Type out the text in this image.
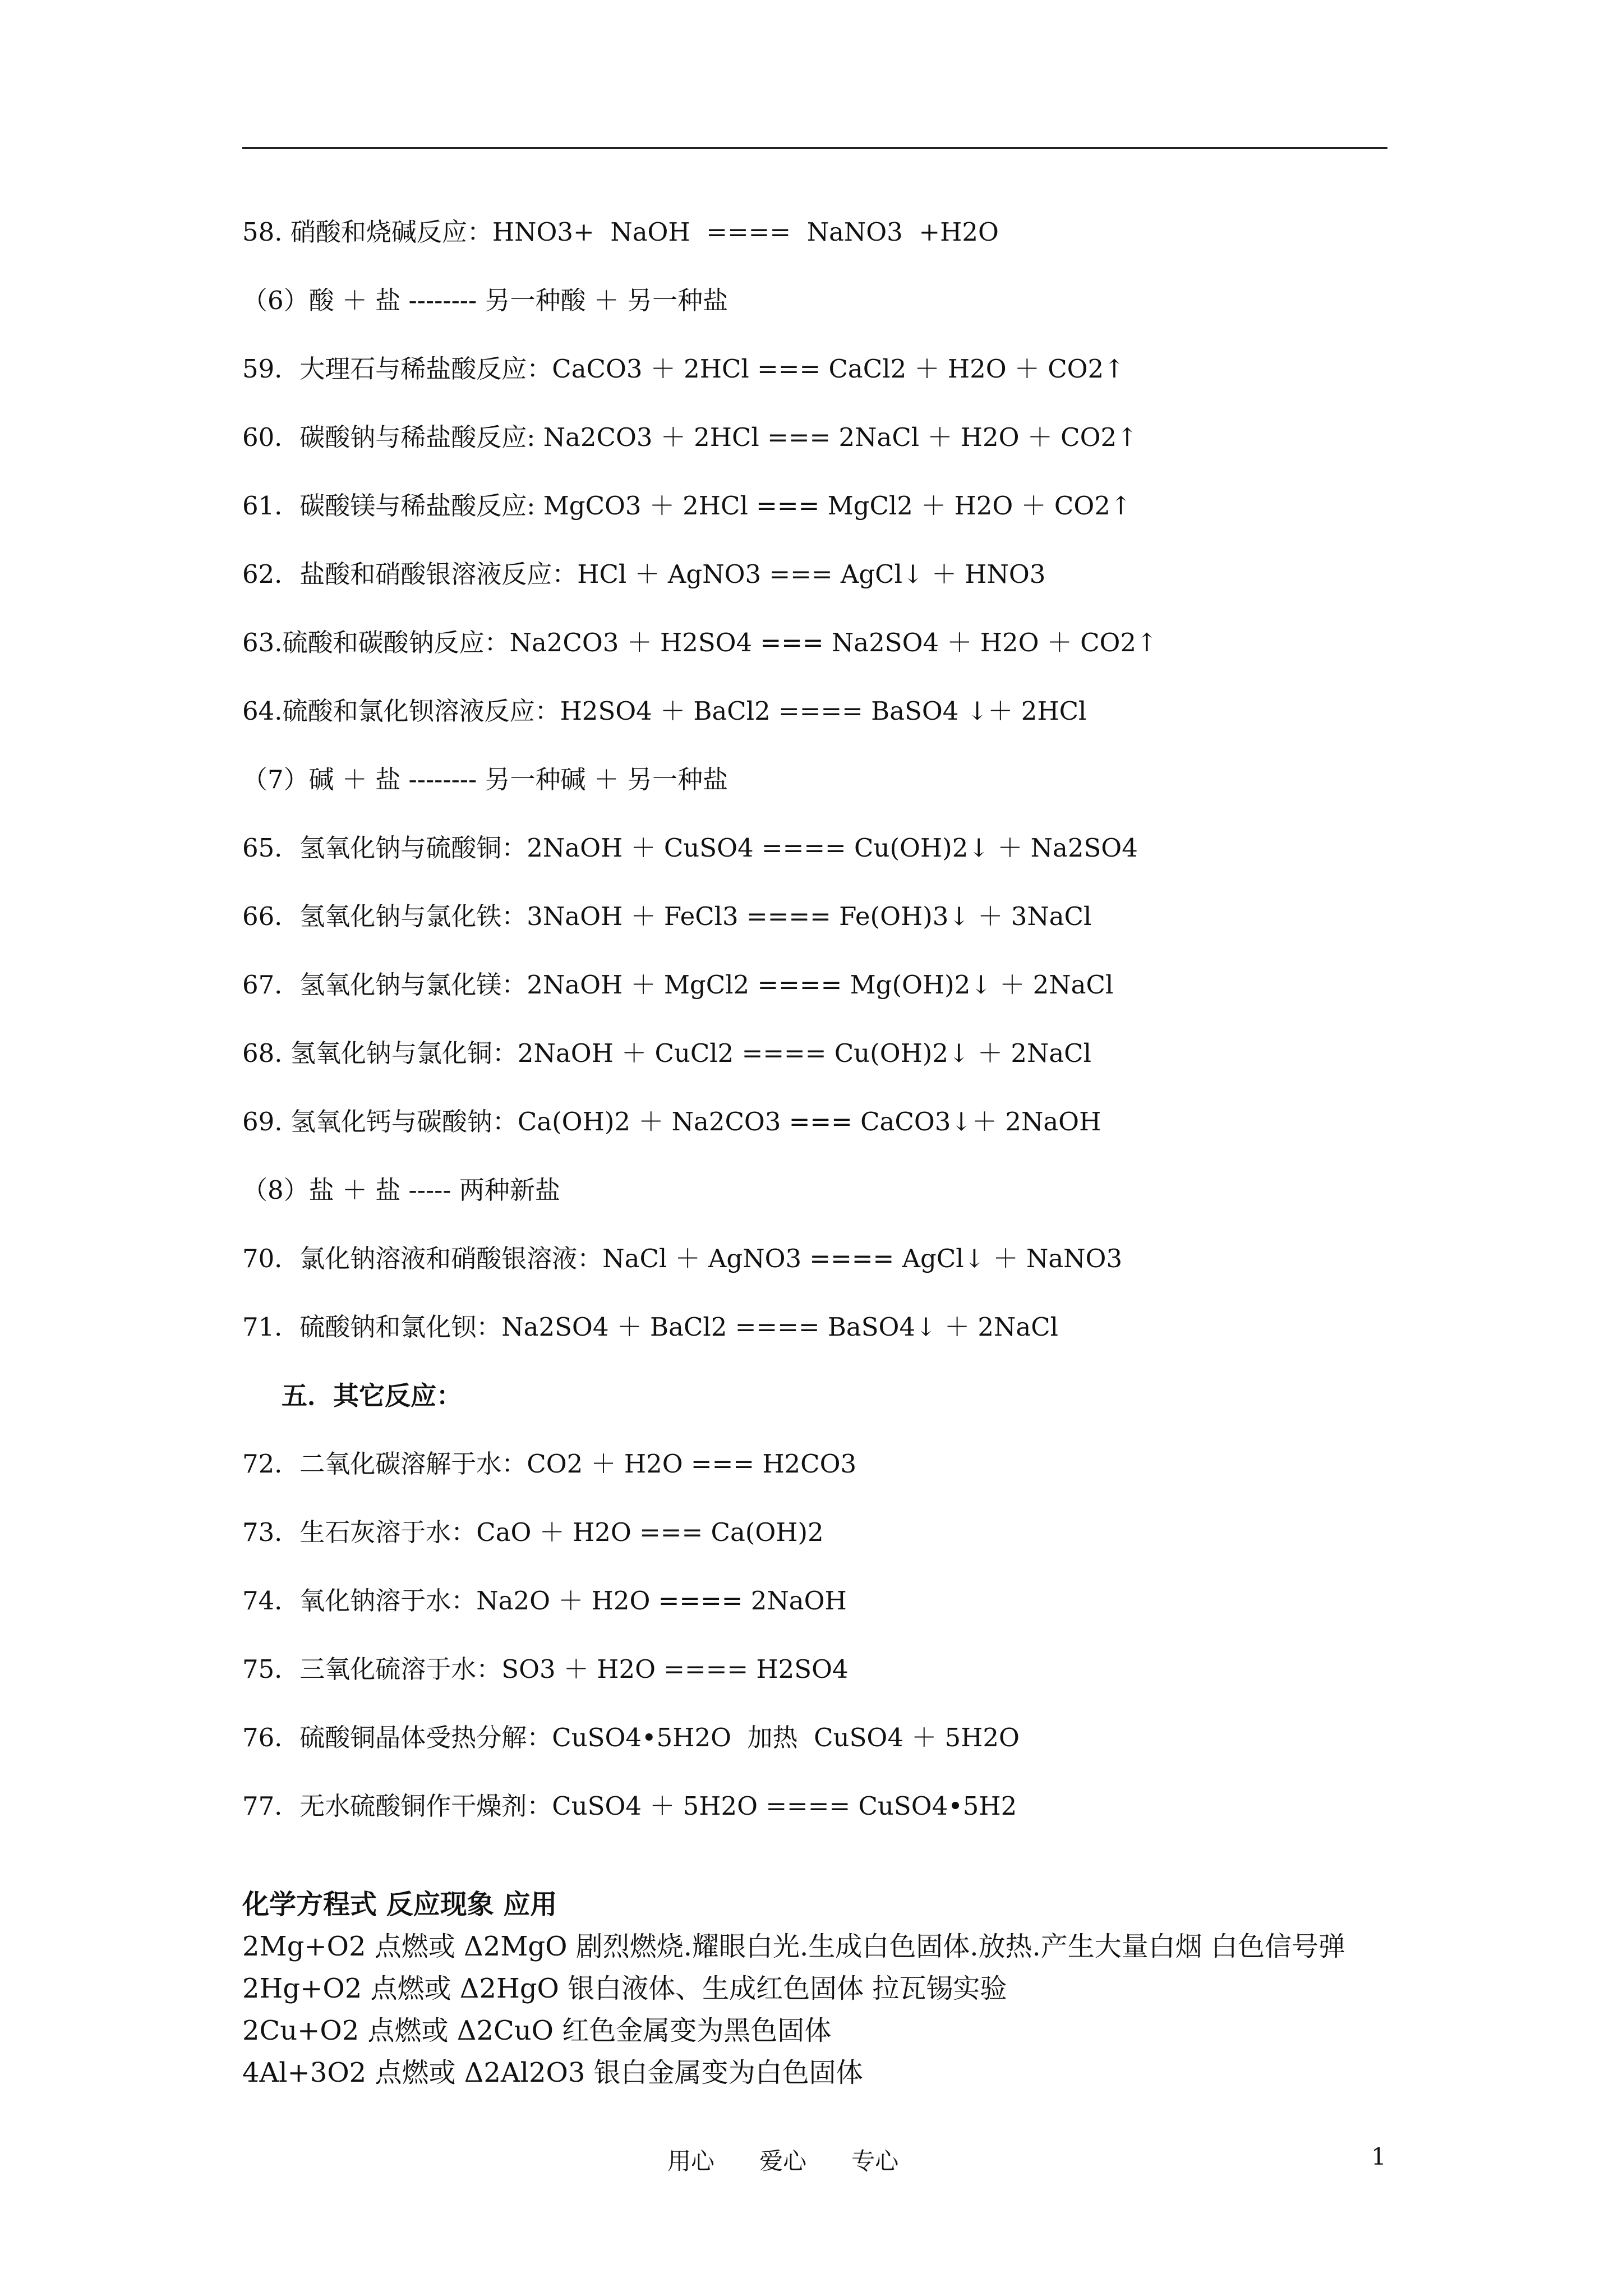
58. 硝酸和烧碱反应：HNO3+  NaOH  ====  NaNO3  +H2O
（6）酸 ＋ 盐 -------- 另一种酸 ＋ 另一种盐
59．大理石与稀盐酸反应：CaCO3 ＋ 2HCl === CaCl2 ＋ H2O ＋ CO2↑
60．碳酸钠与稀盐酸反应: Na2CO3 ＋ 2HCl === 2NaCl ＋ H2O ＋ CO2↑
61．碳酸镁与稀盐酸反应: MgCO3 ＋ 2HCl === MgCl2 ＋ H2O ＋ CO2↑
62．盐酸和硝酸银溶液反应：HCl ＋ AgNO3 === AgCl↓ ＋ HNO3
63.硫酸和碳酸钠反应：Na2CO3 ＋ H2SO4 === Na2SO4 ＋ H2O ＋ CO2↑
64.硫酸和氯化钡溶液反应：H2SO4 ＋ BaCl2 ==== BaSO4 ↓＋ 2HCl
（7）碱 ＋ 盐 -------- 另一种碱 ＋ 另一种盐
65．氢氧化钠与硫酸铜：2NaOH ＋ CuSO4 ==== Cu(OH)2↓ ＋ Na2SO4
66．氢氧化钠与氯化铁：3NaOH ＋ FeCl3 ==== Fe(OH)3↓ ＋ 3NaCl
67．氢氧化钠与氯化镁：2NaOH ＋ MgCl2 ==== Mg(OH)2↓ ＋ 2NaCl
68. 氢氧化钠与氯化铜：2NaOH ＋ CuCl2 ==== Cu(OH)2↓ ＋ 2NaCl
69. 氢氧化钙与碳酸钠：Ca(OH)2 ＋ Na2CO3 === CaCO3↓＋ 2NaOH
（8）盐 ＋ 盐 ----- 两种新盐
70．氯化钠溶液和硝酸银溶液：NaCl ＋ AgNO3 ==== AgCl↓ ＋ NaNO3
71．硫酸钠和氯化钡：Na2SO4 ＋ BaCl2 ==== BaSO4↓ ＋ 2NaCl
五．其它反应：
72．二氧化碳溶解于水：CO2 ＋ H2O === H2CO3
73．生石灰溶于水：CaO ＋ H2O === Ca(OH)2
74．氧化钠溶于水：Na2O ＋ H2O ==== 2NaOH
75．三氧化硫溶于水：SO3 ＋ H2O ==== H2SO4
76．硫酸铜晶体受热分解：CuSO4•5H2O  加热  CuSO4 ＋ 5H2O
77．无水硫酸铜作干燥剂：CuSO4 ＋ 5H2O ==== CuSO4•5H2
化学方程式 反应现象 应用
2Mg+O2 点燃或 Δ2MgO 剧烈燃烧.耀眼白光.生成白色固体.放热.产生大量白烟 白色信号弹
2Hg+O2 点燃或 Δ2HgO 银白液体、生成红色固体 拉瓦锡实验
2Cu+O2 点燃或 Δ2CuO 红色金属变为黑色固体
4Al+3O2 点燃或 Δ2Al2O3 银白金属变为白色固体
用心      爱心      专心	1
